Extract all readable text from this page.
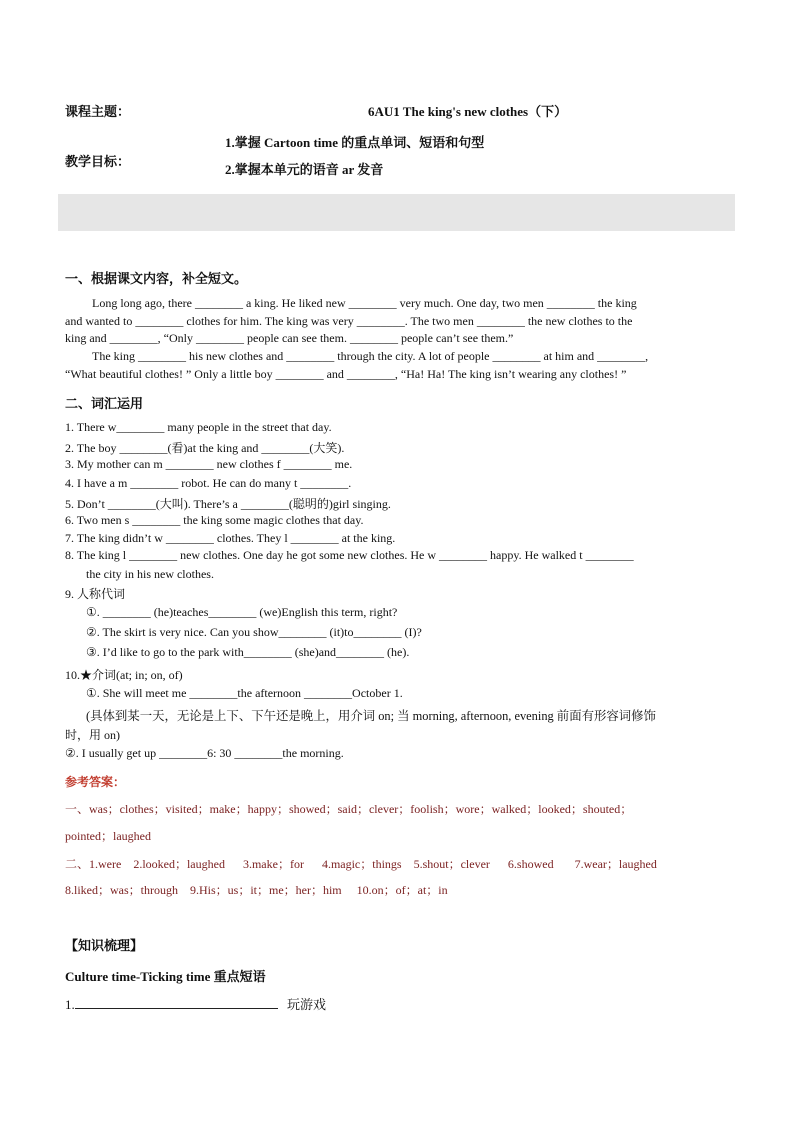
课程主题：	6AU1 The king's new clothes（下）
教学目标：
1.掌握 Cartoon time 的重点单词、短语和句型
2.掌握本单元的语音 ar 发音
一、根据课文内容，补全短文。
Long long ago, there ________ a king. He liked new ________ very much. One day, two men ________ the king
and wanted to ________ clothes for him. The king was very ________. The two men ________ the new clothes to the
king and ________, “Only ________ people can see them. ________ people can’t see them.”
The king ________ his new clothes and ________ through the city. A lot of people ________ at him and ________,
“What beautiful clothes! ” Only a little boy ________ and ________, “Ha! Ha! The king isn’t wearing any clothes! ”
二、词汇运用
1. There w________ many people in the street that day.
2. The boy ________(看)at the king and ________(大笑).
3. My mother can m ________ new clothes f ________ me.
4. I have a m ________ robot. He can do many t ________.
5. Don’t ________(大叫). There’s a ________(聪明的)girl singing.
6. Two men s ________ the king some magic clothes that day.
7. The king didn’t w ________ clothes. They l ________ at the king.
8. The king l ________ new clothes. One day he got some new clothes. He w ________ happy. He walked t ________
the city in his new clothes.
9. 人称代词
①. ________ (he)teaches________ (we)English this term, right?
②. The skirt is very nice. Can you show________ (it)to________ (I)?
③. I’d like to go to the park with________ (she)and________ (he).
10.★介词(at; in; on, of)
①. She will meet me ________the afternoon ________October 1.
(具体到某一天，无论是上下、下午还是晚上，用介词 on; 当 morning, afternoon, evening 前面有形容词修饰
时，用 on)
②. I usually get up ________6: 30 ________the morning.
参考答案：
一、was；clothes；visited；make；happy；showed；said；clever；foolish；wore；walked；looked；shouted；
pointed；laughed
二、1.were    2.looked；laughed      3.make；for      4.magic；things    5.shout；clever      6.showed       7.wear；laughed
8.liked；was；through    9.His；us；it；me；her；him     10.on；of；at；in
【知识梳理】
Culture time-Ticking time 重点短语
1.	玩游戏
